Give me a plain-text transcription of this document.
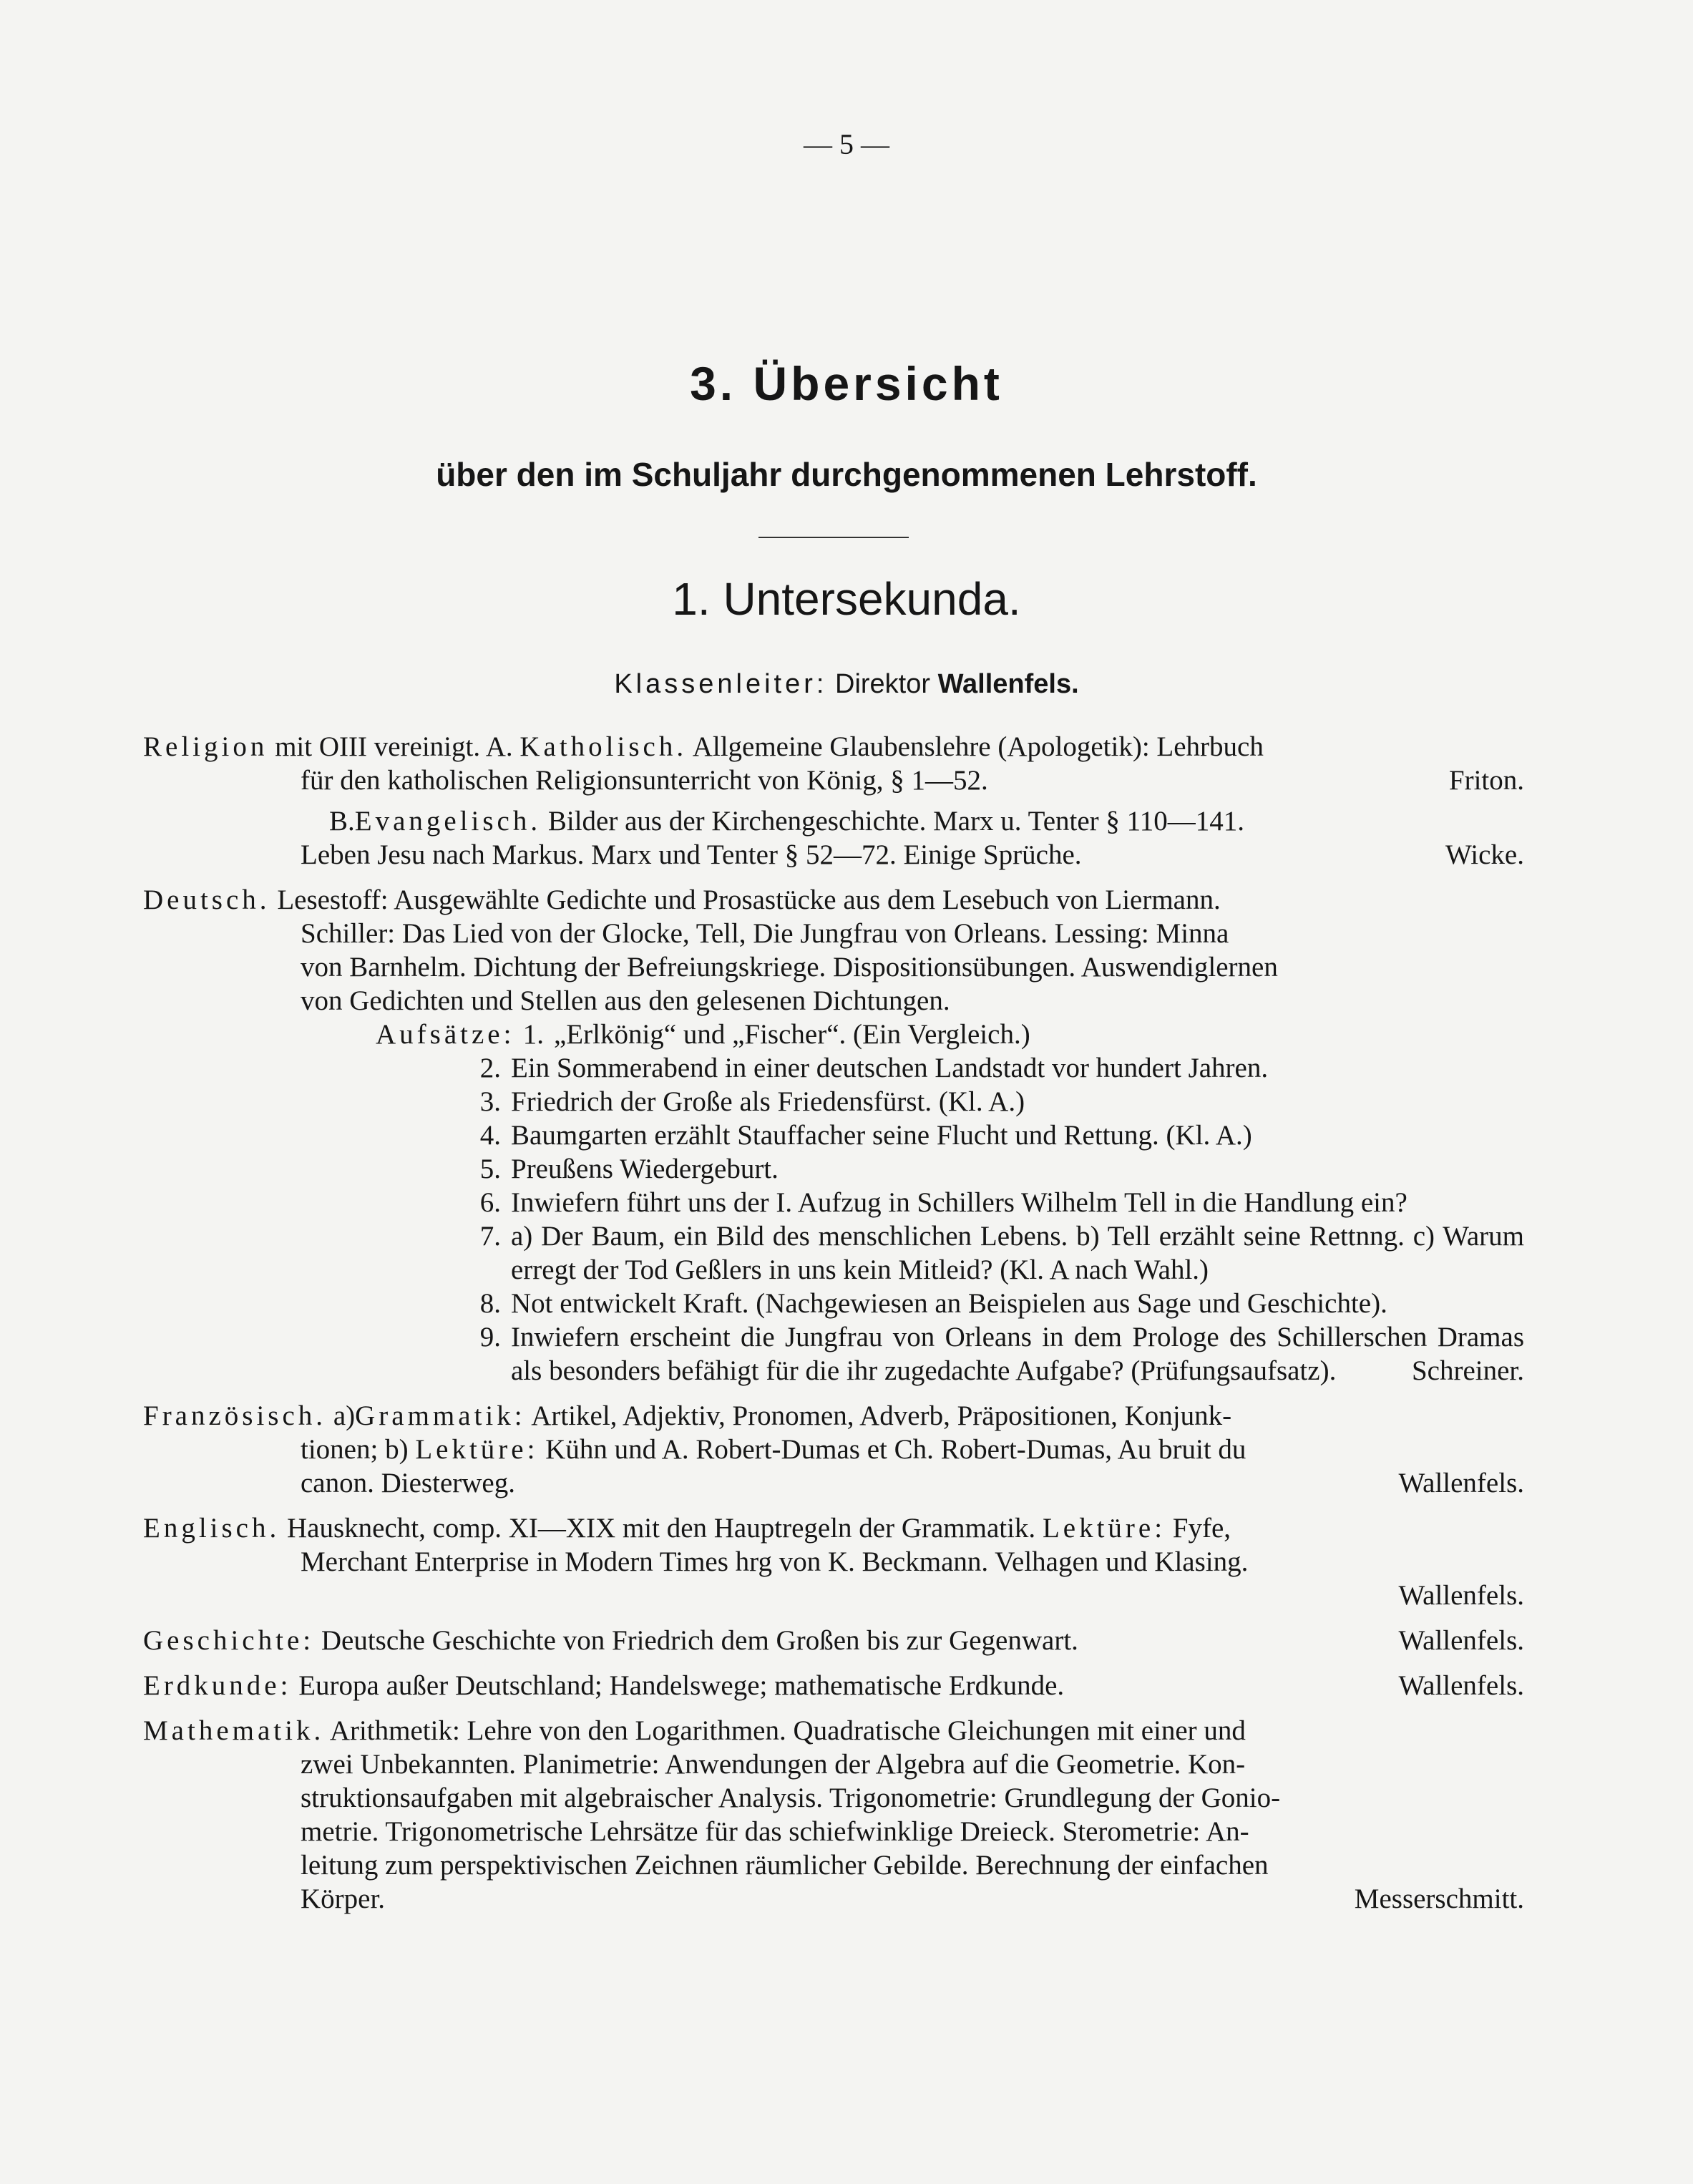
— 5 —
3. Übersicht
über den im Schuljahr durchgenommenen Lehrstoff.
1. Untersekunda.
Klassenleiter: Direktor Wallenfels.
Religion mit OIII vereinigt. A. Katholisch. Allgemeine Glaubenslehre (Apologetik): Lehrbuch
für den katholischen Religionsunterricht von König, § 1—52.	Friton.
B.Evangelisch. Bilder aus der Kirchengeschichte. Marx u. Tenter § 110—141.
Leben Jesu nach Markus. Marx und Tenter § 52—72. Einige Sprüche.	Wicke.
Deutsch. Lesestoff: Ausgewählte Gedichte und Prosastücke aus dem Lesebuch von Liermann.
Schiller: Das Lied von der Glocke, Tell, Die Jungfrau von Orleans. Lessing: Minna
von Barnhelm. Dichtung der Befreiungskriege. Dispositionsübungen. Auswendiglernen
von Gedichten und Stellen aus den gelesenen Dichtungen.
Aufsätze: 1. „Erlkönig“ und „Fischer“. (Ein Vergleich.)
2. Ein Sommerabend in einer deutschen Landstadt vor hundert Jahren.
3. Friedrich der Große als Friedensfürst. (Kl. A.)
4. Baumgarten erzählt Stauffacher seine Flucht und Rettung. (Kl. A.)
5. Preußens Wiedergeburt.
6. Inwiefern führt uns der I. Aufzug in Schillers Wilhelm Tell in die Handlung ein?
7. a) Der Baum, ein Bild des menschlichen Lebens. b) Tell erzählt seine Rettnng. c) Warum erregt der Tod Geßlers in uns kein Mitleid? (Kl. A nach Wahl.)
8. Not entwickelt Kraft. (Nachgewiesen an Beispielen aus Sage und Geschichte).
9. Inwiefern erscheint die Jungfrau von Orleans in dem Prologe des Schillerschen Dramas als besonders befähigt für die ihr zugedachte Aufgabe? (Prüfungsaufsatz).	Schreiner.
Französisch. a)Grammatik: Artikel, Adjektiv, Pronomen, Adverb, Präpositionen, Konjunk-
tionen; b) Lektüre: Kühn und A. Robert-Dumas et Ch. Robert-Dumas, Au bruit du
canon. Diesterweg.	Wallenfels.
Englisch. Hausknecht, comp. XI—XIX mit den Hauptregeln der Grammatik. Lektüre: Fyfe,
Merchant Enterprise in Modern Times hrg von K. Beckmann. Velhagen und Klasing.
Wallenfels.
Geschichte: Deutsche Geschichte von Friedrich dem Großen bis zur Gegenwart.	Wallenfels.
Erdkunde: Europa außer Deutschland; Handelswege; mathematische Erdkunde.	Wallenfels.
Mathematik. Arithmetik: Lehre von den Logarithmen. Quadratische Gleichungen mit einer und
zwei Unbekannten. Planimetrie: Anwendungen der Algebra auf die Geometrie. Kon-
struktionsaufgaben mit algebraischer Analysis. Trigonometrie: Grundlegung der Gonio-
metrie. Trigonometrische Lehrsätze für das schiefwinklige Dreieck. Sterometrie: An-
leitung zum perspektivischen Zeichnen räumlicher Gebilde. Berechnung der einfachen
Körper.	Messerschmitt.
